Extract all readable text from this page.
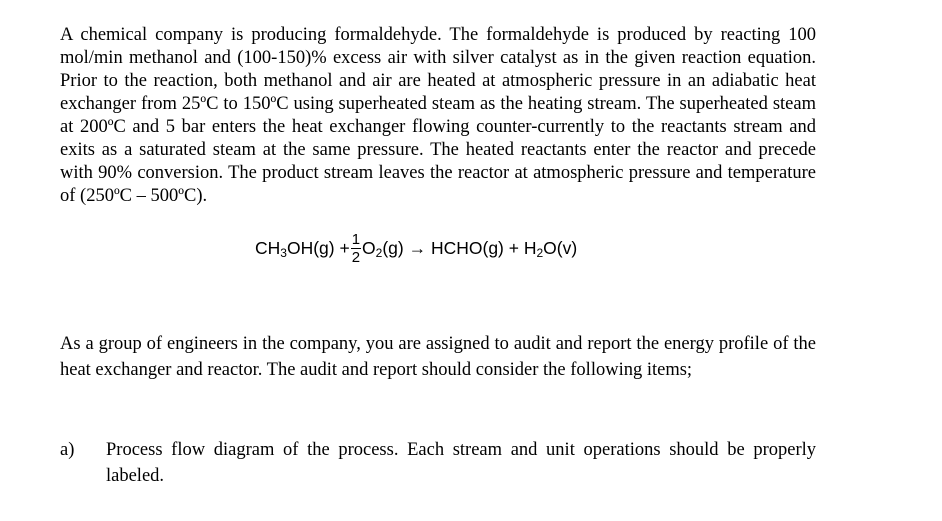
A chemical company is producing formaldehyde. The formaldehyde is produced by reacting 100 mol/min methanol and (100-150)% excess air with silver catalyst as in the given reaction equation. Prior to the reaction, both methanol and air are heated at atmospheric pressure in an adiabatic heat exchanger from 25ºC to 150ºC using superheated steam as the heating stream. The superheated steam at 200ºC and 5 bar enters the heat exchanger flowing counter-currently to the reactants stream and exits as a saturated steam at the same pressure. The heated reactants enter the reactor and precede with 90% conversion. The product stream leaves the reactor at atmospheric pressure and temperature of (250ºC – 500ºC).

$CH_3OH(g) + \frac{1}{2} O_2(g)$ → HCHO(g) + $H_2O(v)$

As a group of engineers in the company, you are assigned to audit and report the energy profile of the heat exchanger and reactor. The audit and report should consider the following items;

a)	Process flow diagram of the process. Each stream and unit operations should be properly labeled.
